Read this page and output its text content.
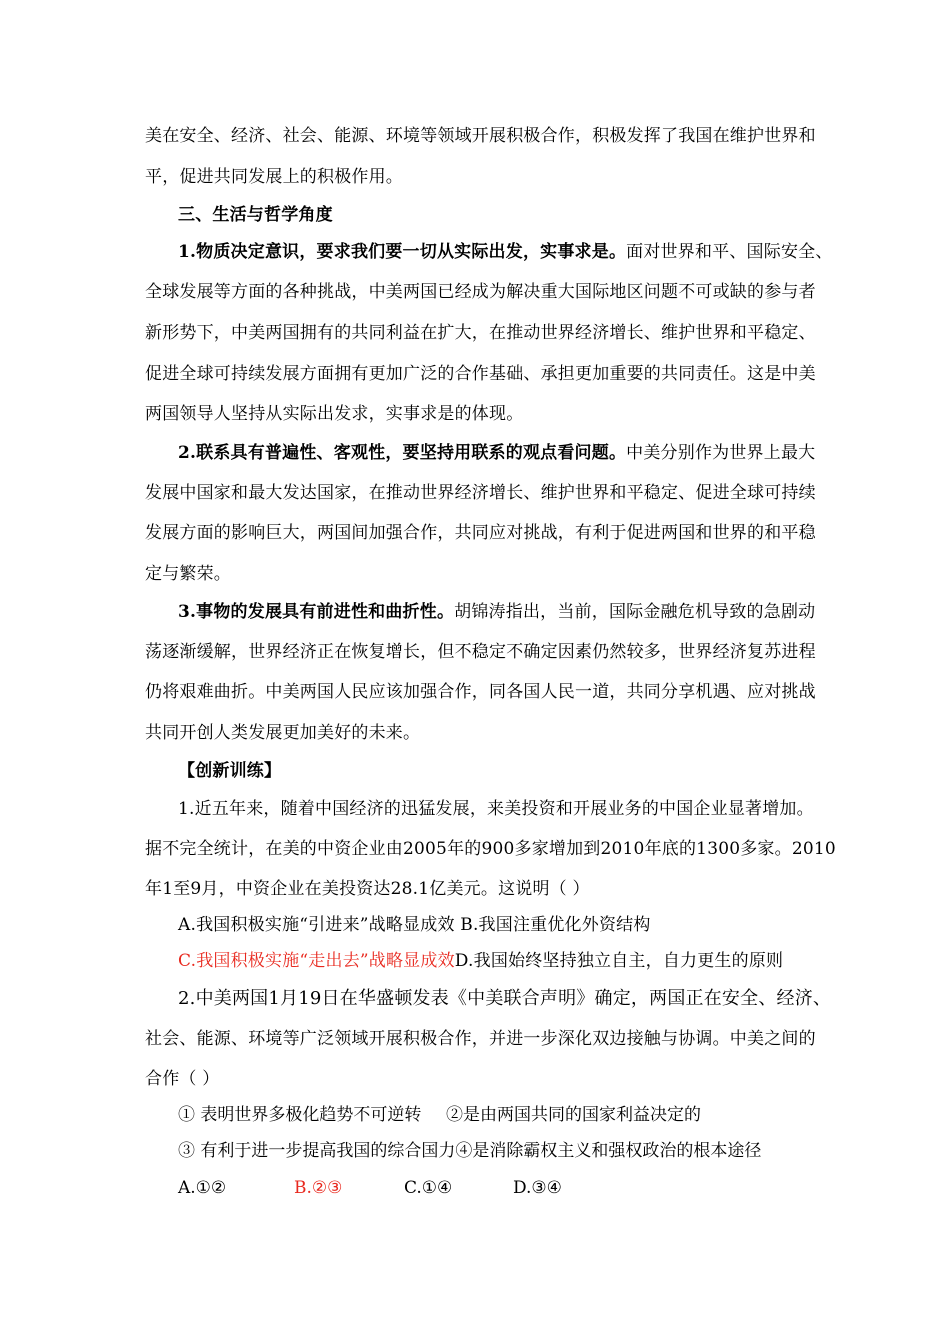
美在安全、经济、社会、能源、环境等领域开展积极合作，积极发挥了我国在维护世界和
平，促进共同发展上的积极作用。
三、生活与哲学角度
1.物质决定意识，要求我们要一切从实际出发，实事求是。面对世界和平、国际安全、
全球发展等方面的各种挑战，中美两国已经成为解决重大国际地区问题不可或缺的参与者
新形势下，中美两国拥有的共同利益在扩大，在推动世界经济增长、维护世界和平稳定、
促进全球可持续发展方面拥有更加广泛的合作基础、承担更加重要的共同责任。这是中美
两国领导人坚持从实际出发求，实事求是的体现。
2.联系具有普遍性、客观性，要坚持用联系的观点看问题。中美分别作为世界上最大
发展中国家和最大发达国家，在推动世界经济增长、维护世界和平稳定、促进全球可持续
发展方面的影响巨大，两国间加强合作，共同应对挑战，有利于促进两国和世界的和平稳
定与繁荣。
3.事物的发展具有前进性和曲折性。胡锦涛指出，当前，国际金融危机导致的急剧动
荡逐渐缓解，世界经济正在恢复增长，但不稳定不确定因素仍然较多，世界经济复苏进程
仍将艰难曲折。中美两国人民应该加强合作，同各国人民一道，共同分享机遇、应对挑战
共同开创人类发展更加美好的未来。
【创新训练】
1.近五年来，随着中国经济的迅猛发展，来美投资和开展业务的中国企业显著增加。
据不完全统计，在美的中资企业由2005年的900多家增加到2010年底的1300多家。2010
年1至9月，中资企业在美投资达28.1亿美元。这说明（ ）
A.我国积极实施“引进来”战略显成效 B.我国注重优化外资结构
C.我国积极实施“走出去”战略显成效D.我国始终坚持独立自主，自力更生的原则
2.中美两国1月19日在华盛顿发表《中美联合声明》确定，两国正在安全、经济、
社会、能源、环境等广泛领域开展积极合作，并进一步深化双边接触与协调。中美之间的
合作（ ）
① 表明世界多极化趋势不可逆转 ②是由两国共同的国家利益决定的
③ 有利于进一步提高我国的综合国力④是消除霸权主义和强权政治的根本途径
A.①②	B.②③	C.①④	D.③④
